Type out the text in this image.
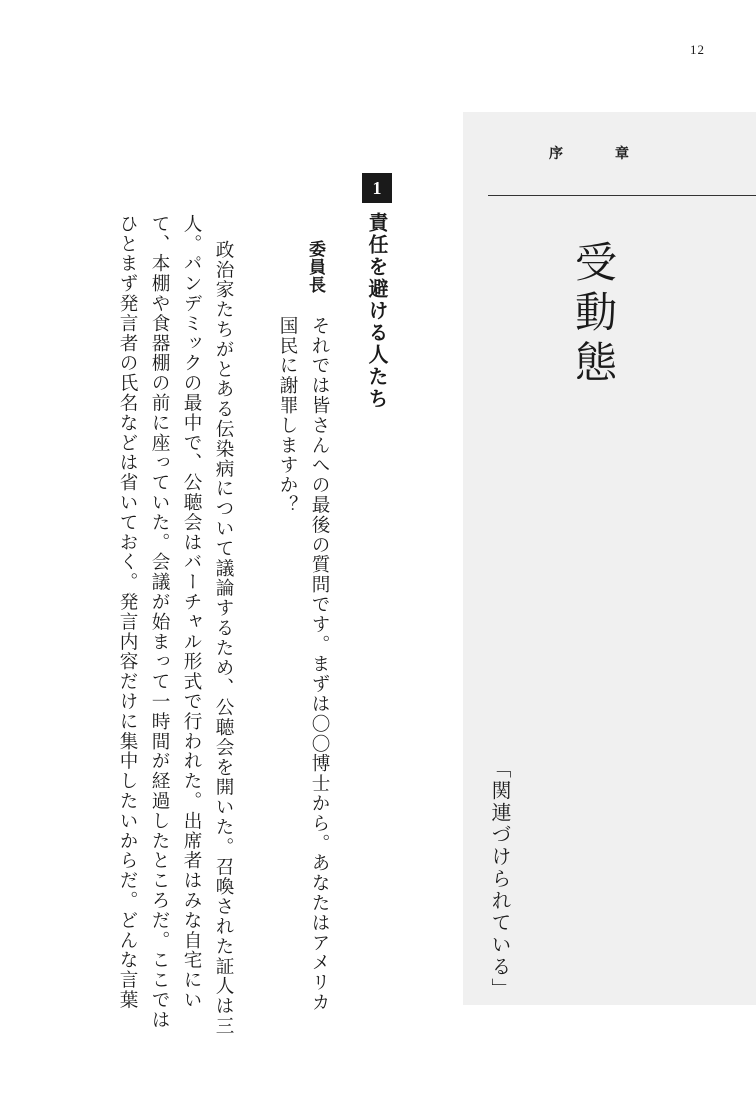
12
序	章
受動態
「関連づけられている」
1
責任を避ける人たち
委員長
それでは皆さんへの最後の質問です。まずは〇〇博士から。あなたはアメリカ
国民に謝罪しますか？
政治家たちがとある伝染病について議論するため、公聴会を開いた。召喚された証人は三
人。パンデミックの最中で、公聴会はバーチャル形式で行われた。出席者はみな自宅にい
て、本棚や食器棚の前に座っていた。会議が始まって一時間が経過したところだ。ここでは
ひとまず発言者の氏名などは省いておく。発言内容だけに集中したいからだ。どんな言葉
